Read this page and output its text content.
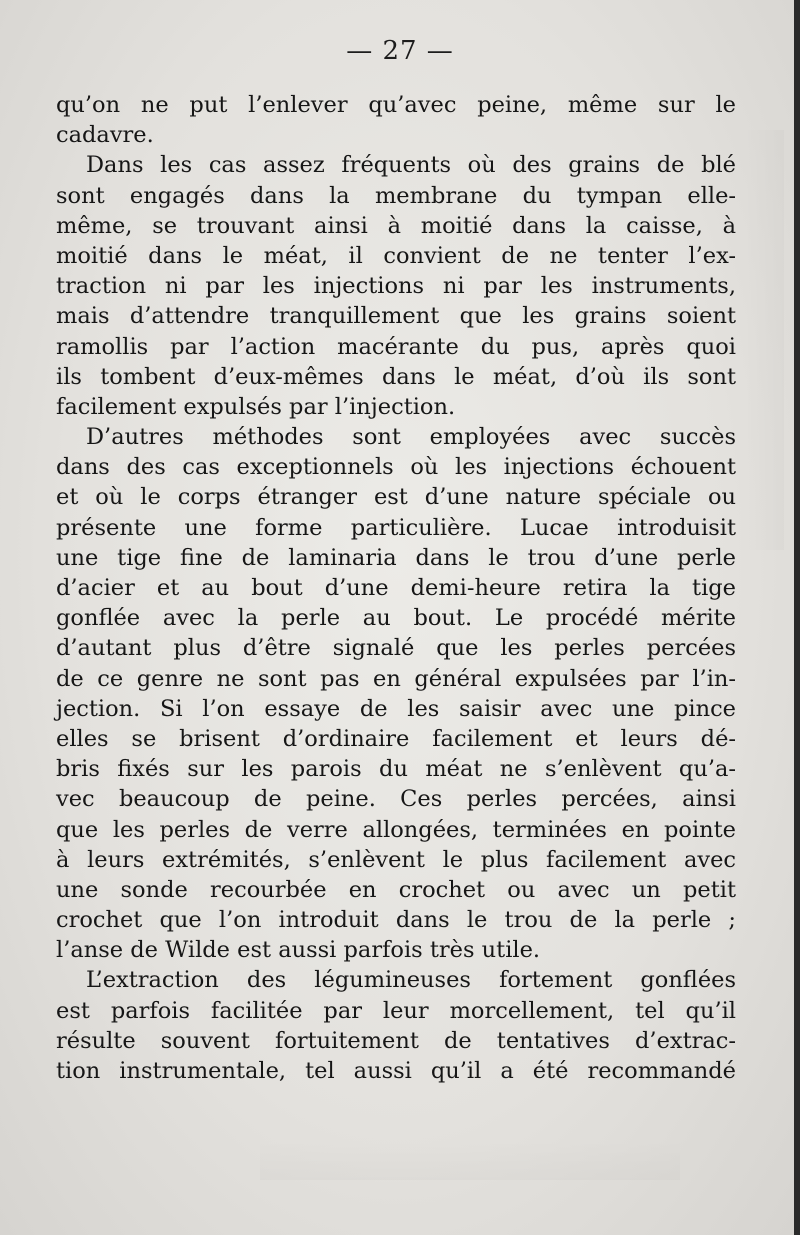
— 27 —
qu’on ne put l’enlever qu’avec peine, même sur le
cadavre.
Dans les cas assez fréquents où des grains de blé
sont engagés dans la membrane du tympan elle-
même, se trouvant ainsi à moitié dans la caisse, à
moitié dans le méat, il convient de ne tenter l’ex-
traction ni par les injections ni par les instruments,
mais d’attendre tranquillement que les grains soient
ramollis par l’action macérante du pus, après quoi
ils tombent d’eux-mêmes dans le méat, d’où ils sont
facilement expulsés par l’injection.
D’autres méthodes sont employées avec succès
dans des cas exceptionnels où les injections échouent
et où le corps étranger est d’une nature spéciale ou
présente une forme particulière. Lucae introduisit
une tige fine de laminaria dans le trou d’une perle
d’acier et au bout d’une demi-heure retira la tige
gonflée avec la perle au bout. Le procédé mérite
d’autant plus d’être signalé que les perles percées
de ce genre ne sont pas en général expulsées par l’in-
jection. Si l’on essaye de les saisir avec une pince
elles se brisent d’ordinaire facilement et leurs dé-
bris fixés sur les parois du méat ne s’enlèvent qu’a-
vec beaucoup de peine. Ces perles percées, ainsi
que les perles de verre allongées, terminées en pointe
à leurs extrémités, s’enlèvent le plus facilement avec
une sonde recourbée en crochet ou avec un petit
crochet que l’on introduit dans le trou de la perle ;
l’anse de Wilde est aussi parfois très utile.
L’extraction des légumineuses fortement gonflées
est parfois facilitée par leur morcellement, tel qu’il
résulte souvent fortuitement de tentatives d’extrac-
tion instrumentale, tel aussi qu’il a été recommandé
